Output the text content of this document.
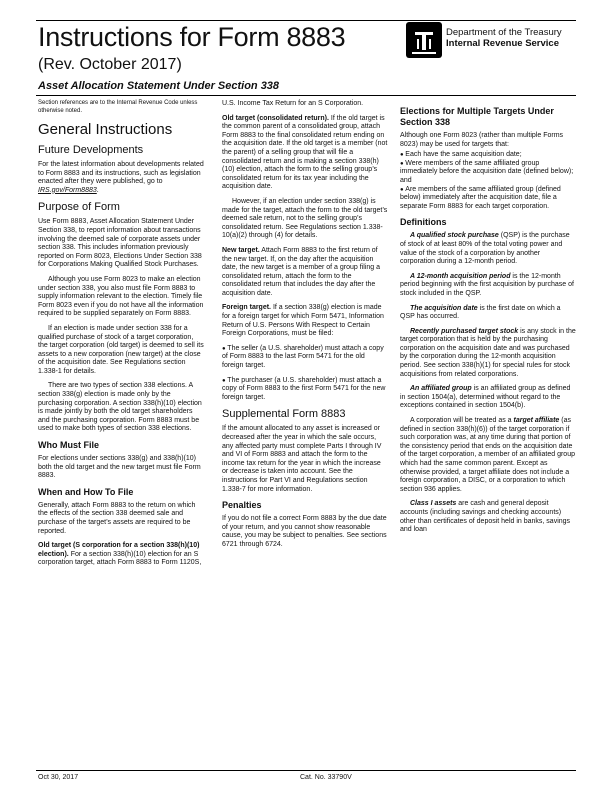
Instructions for Form 8883
(Rev. October 2017)
Asset Allocation Statement Under Section 338
Department of the Treasury
Internal Revenue Service

Section references are to the Internal Revenue Code unless otherwise noted.

General Instructions
Future Developments

For the latest information about developments related to Form 8883 and its instructions, such as legislation enacted after they were published, go to IRS.gov/Form8883.

Purpose of Form

Use Form 8883, Asset Allocation Statement Under Section 338, to report information about transactions involving the deemed sale of corporate assets under section 338. This includes information previously reported on Form 8023, Elections Under Section 338 for Corporations Making Qualified Stock Purchases.

Although you use Form 8023 to make an election under section 338, you also must file Form 8883 to supply information relevant to the election. Timely file Form 8023 even if you do not have all the information required to be supplied separately on Form 8883.

If an election is made under section 338 for a qualified purchase of stock of a target corporation, the target corporation (old target) is deemed to sell its assets to a new corporation (new target) at the close of the acquisition date. See Regulations section 1.338-1 for details.

There are two types of section 338 elections. A section 338(g) election is made only by the purchasing corporation. A section 338(h)(10) election is made jointly by both the old target shareholders and the purchasing corporation. Form 8883 must be used to make both types of section 338 elections.

Who Must File

For elections under sections 338(g) and 338(h)(10) both the old target and the new target must file Form 8883.

When and How To File

Generally, attach Form 8883 to the return on which the effects of the section 338 deemed sale and purchase of the target’s assets are required to be reported.

Old target (S corporation for a section 338(h)(10) election). For a section 338(h)(10) election for an S corporation target, attach Form 8883 to Form 1120S,

U.S. Income Tax Return for an S Corporation.

Old target (consolidated return). If the old target is the common parent of a consolidated group, attach Form 8883 to the final consolidated return ending on the acquisition date. If the old target is a member (not the parent) of a selling group that will file a consolidated return and is making a section 338(h)(10) election, attach the form to the selling group’s consolidated return for its tax year including the acquisition date.

However, if an election under section 338(g) is made for the target, attach the form to the old target’s deemed sale return, not to the selling group’s consolidated return. See Regulations section 1.338-10(a)(2) through (4) for details.

New target. Attach Form 8883 to the first return of the new target. If, on the day after the acquisition date, the new target is a member of a group filing a consolidated return, attach the form to the consolidated return that includes the day after the acquisition date.

Foreign target. If a section 338(g) election is made for a foreign target for which Form 5471, Information Return of U.S. Persons With Respect to Certain Foreign Corporations, must be filed:

● The seller (a U.S. shareholder) must attach a copy of Form 8883 to the last Form 5471 for the old foreign target.

● The purchaser (a U.S. shareholder) must attach a copy of Form 8883 to the first Form 5471 for the new foreign target.

Supplemental Form 8883

If the amount allocated to any asset is increased or decreased after the year in which the sale occurs, any affected party must complete Parts I through IV and VI of Form 8883 and attach the form to the income tax return for the year in which the increase or decrease is taken into account. See the instructions for Part VI and Regulations section 1.338-7 for more information.

Penalties

If you do not file a correct Form 8883 by the due date of your return, and you cannot show reasonable cause, you may be subject to penalties. See sections 6721 through 6724.

Elections for Multiple Targets Under Section 338

Although one Form 8023 (rather than multiple Forms 8023) may be used for targets that:

● Each have the same acquisition date;

● Were members of the same affiliated group immediately before the acquisition date (defined below); and

● Are members of the same affiliated group (defined below) immediately after the acquisition date, file a separate Form 8883 for each target corporation.

Definitions

A qualified stock purchase (QSP) is the purchase of stock of at least 80% of the total voting power and value of the stock of a corporation by another corporation during a 12-month period.

A 12-month acquisition period is the 12-month period beginning with the first acquisition by purchase of stock included in the QSP.

The acquisition date is the first date on which a QSP has occurred.

Recently purchased target stock is any stock in the target corporation that is held by the purchasing corporation on the acquisition date and was purchased by the corporation during the 12-month acquisition period. See section 338(h)(1) for special rules for stock acquisitions from related corporations.

An affiliated group is an affiliated group as defined in section 1504(a), determined without regard to the exceptions contained in section 1504(b).

A corporation will be treated as a target affiliate (as defined in section 338(h)(6)) of the target corporation if such corporation was, at any time during that portion of the consistency period that ends on the acquisition date of the target corporation, a member of an affiliated group which had the same common parent. Except as otherwise provided, a target affiliate does not include a foreign corporation, a DISC, or a corporation to which section 936 applies.

Class I assets are cash and general deposit accounts (including savings and checking accounts) other than certificates of deposit held in banks, savings and loan

Oct 30, 2017	Cat. No. 33790V
